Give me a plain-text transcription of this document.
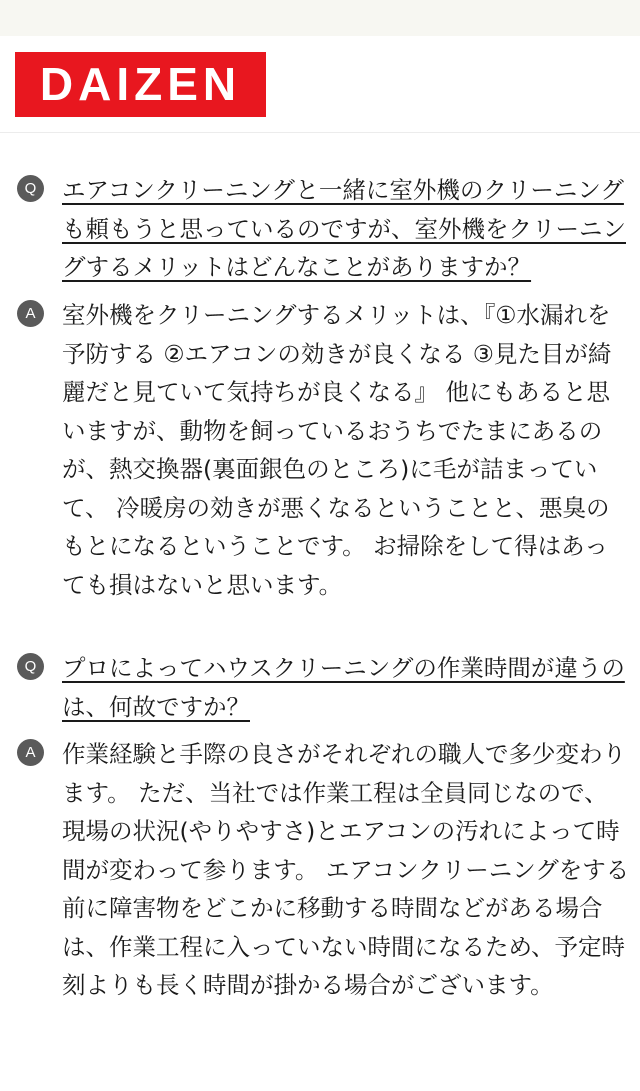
DAIZEN
Q	エアコンクリーニングと一緒に室外機のクリーニングも頼もうと思っているのですが、室外機をクリーニングするメリットはどんなことがありますか？
A	室外機をクリーニングするメリットは、『①水漏れを予防する ②エアコンの効きが良くなる ③見た目が綺麗だと見ていて気持ちが良くなる』 他にもあると思いますが、動物を飼っているおうちでたまにあるのが、熱交換器(裏面銀色のところ)に毛が詰まっていて、 冷暖房の効きが悪くなるということと、悪臭のもとになるということです。 お掃除をして得はあっても損はないと思います。

Q	プロによってハウスクリーニングの作業時間が違うのは、何故ですか？
A	作業経験と手際の良さがそれぞれの職人で多少変わります。 ただ、当社では作業工程は全員同じなので、現場の状況(やりやすさ)とエアコンの汚れによって時間が変わって参ります。 エアコンクリーニングをする前に障害物をどこかに移動する時間などがある場合は、作業工程に入っていない時間になるため、予定時刻よりも長く時間が掛かる場合がございます。
